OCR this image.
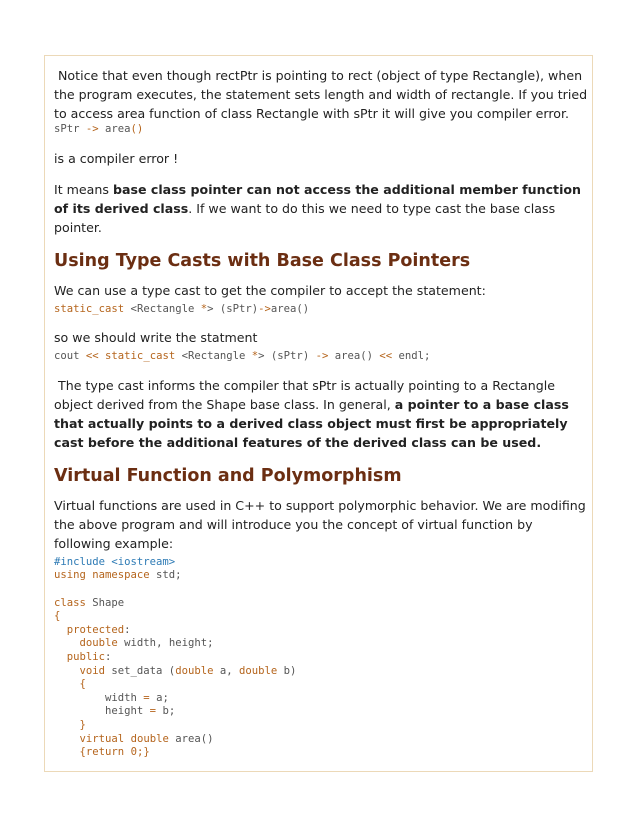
Notice that even though rectPtr is pointing to rect (object of type Rectangle), when the program executes, the statement sets length and width of rectangle. If you tried to access area function of class Rectangle with sPtr it will give you compiler error.

sPtr -> area()

is a compiler error !

It means base class pointer can not access the additional member function of its derived class. If we want to do this we need to type cast the base class pointer.

Using Type Casts with Base Class Pointers

We can use a type cast to get the compiler to accept the statement:

static_cast <Rectangle *> (sPtr)->area()

so we should write the statment

cout << static_cast <Rectangle *> (sPtr) -> area() << endl;

The type cast informs the compiler that sPtr is actually pointing to a Rectangle object derived from the Shape base class. In general, a pointer to a base class that actually points to a derived class object must first be appropriately cast before the additional features of the derived class can be used.

Virtual Function and Polymorphism

Virtual functions are used in C++ to support polymorphic behavior. We are modifing the above program and will introduce you the concept of virtual function by following example:

#include <iostream>

using namespace std;

class Shape

{

protected:

double width, height;

public:

void set_data (double a, double b)

{

width = a;

height = b;

}

virtual double area()

{return 0;}
